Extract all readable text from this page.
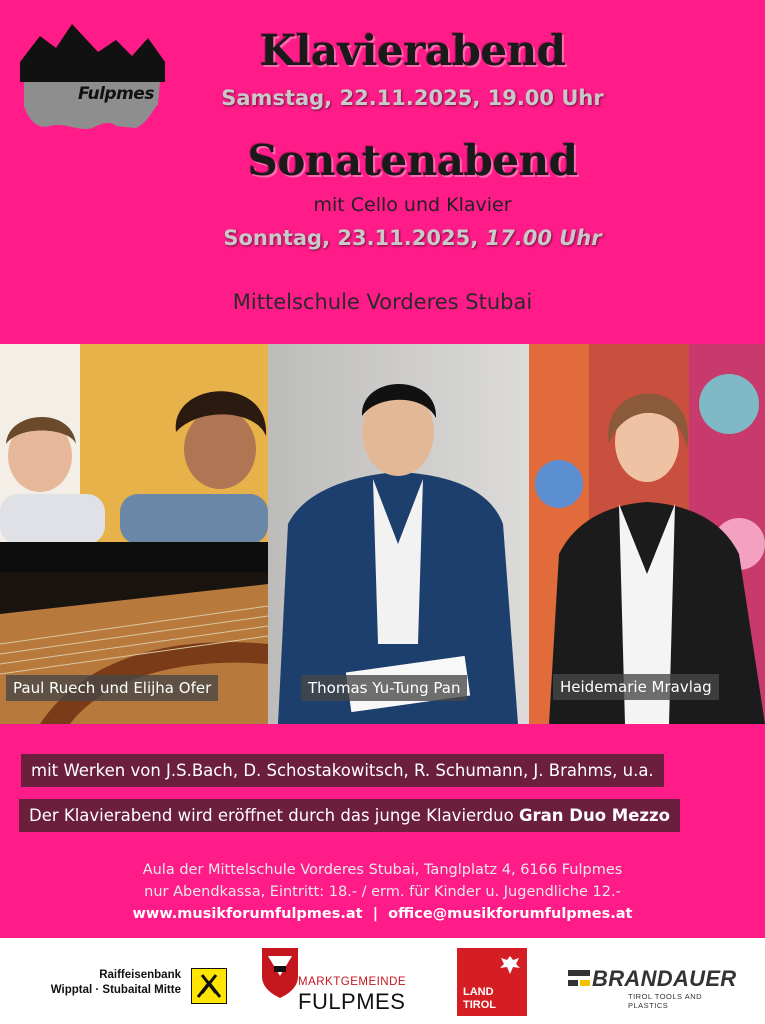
MusikForum
Fulpmes
Klavierabend
Samstag, 22.11.2025, 19.00 Uhr
Sonatenabend
mit Cello und Klavier
Sonntag, 23.11.2025, 17.00 Uhr
Mittelschule Vorderes Stubai
Paul Ruech und Elijha Ofer	Thomas Yu-Tung Pan	Heidemarie Mravlag
mit Werken von J.S.Bach, D. Schostakowitsch, R. Schumann, J. Brahms, u.a.
Der Klavierabend wird eröffnet durch das junge Klavierduo Gran Duo Mezzo
Aula der Mittelschule Vorderes Stubai, Tanglplatz 4, 6166 Fulpmes
nur Abendkassa, Eintritt: 18.- / erm. für Kinder u. Jugendliche 12.-
www.musikforumfulpmes.at  |  office@musikforumfulpmes.at
Raiffeisenbank
Wipptal · Stubaital Mitte
MARKTGEMEINDE
FULPMES	LAND
TIROL
BRANDAUER
TIROL TOOLS AND PLASTICS
